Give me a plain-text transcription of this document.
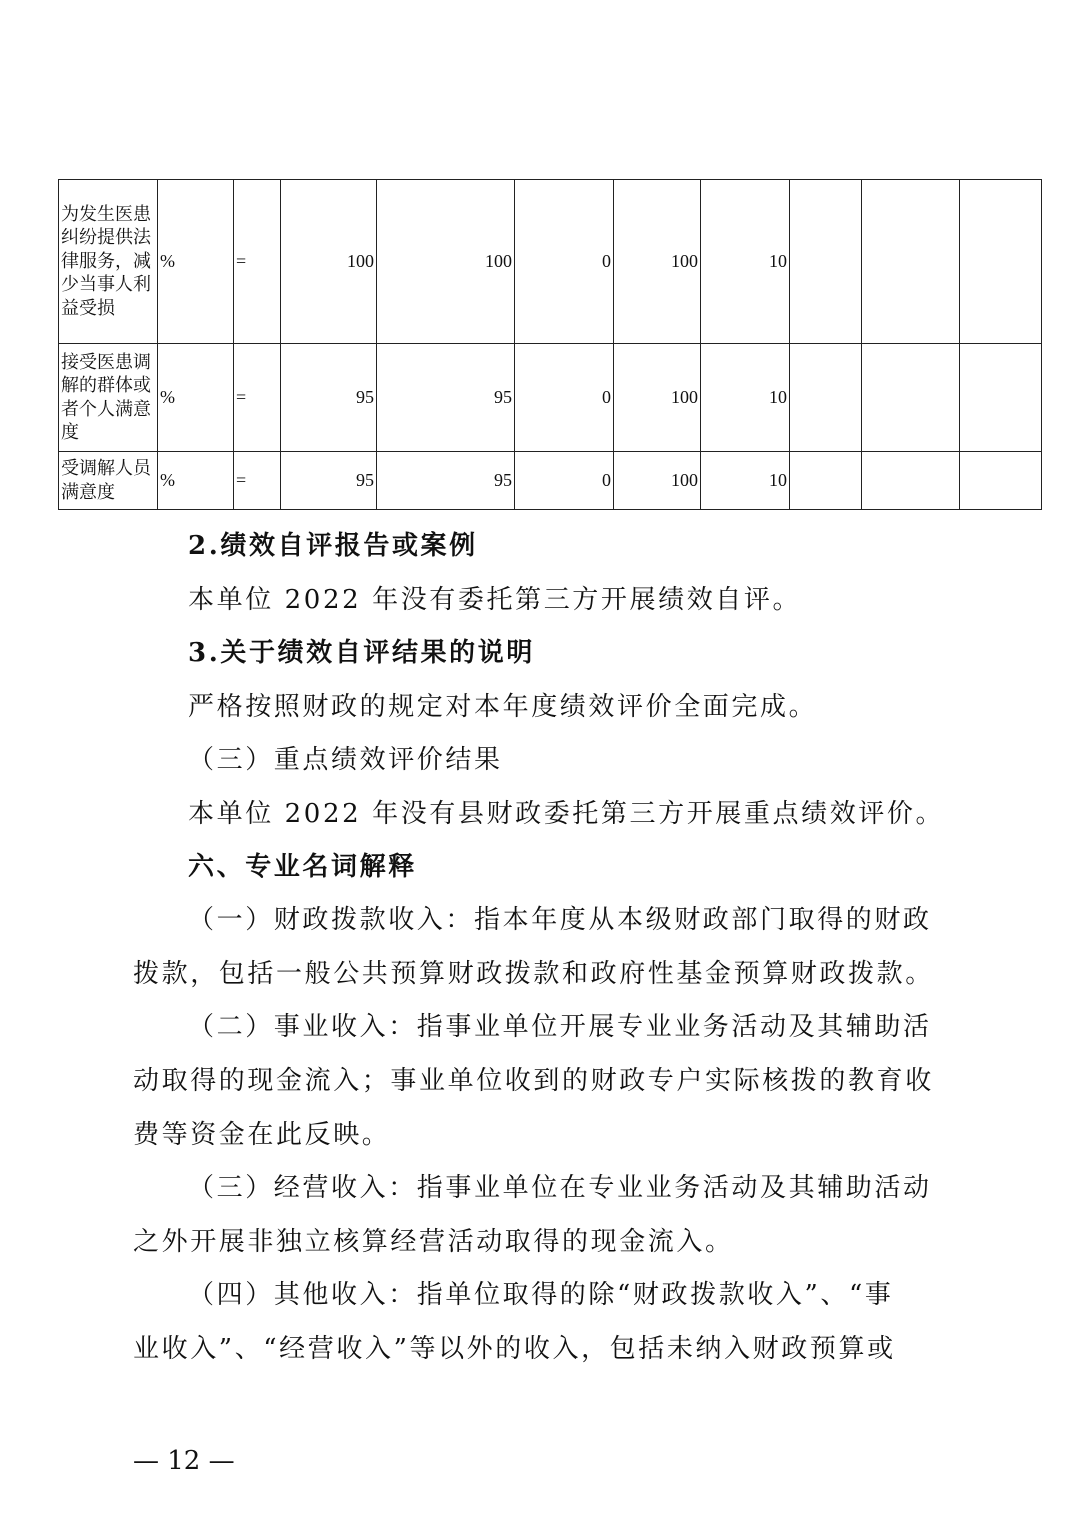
为发生医患纠纷提供法律服务，减少当事人利益受损	%	=	100	100	0	100	10			
接受医患调解的群体或者个人满意度	%	=	95	95	0	100	10			
受调解人员满意度	%	=	95	95	0	100	10			
2.绩效自评报告或案例
本单位 2022 年没有委托第三方开展绩效自评。
3.关于绩效自评结果的说明
严格按照财政的规定对本年度绩效评价全面完成。
（三）重点绩效评价结果
本单位 2022 年没有县财政委托第三方开展重点绩效评价。
六、专业名词解释
（一）财政拨款收入：指本年度从本级财政部门取得的财政
拨款，包括一般公共预算财政拨款和政府性基金预算财政拨款。
（二）事业收入：指事业单位开展专业业务活动及其辅助活
动取得的现金流入；事业单位收到的财政专户实际核拨的教育收
费等资金在此反映。
（三）经营收入：指事业单位在专业业务活动及其辅助活动
之外开展非独立核算经营活动取得的现金流入。
（四）其他收入：指单位取得的除“财政拨款收入”、“事
业收入”、“经营收入”等以外的收入，包括未纳入财政预算或
— 12 —
